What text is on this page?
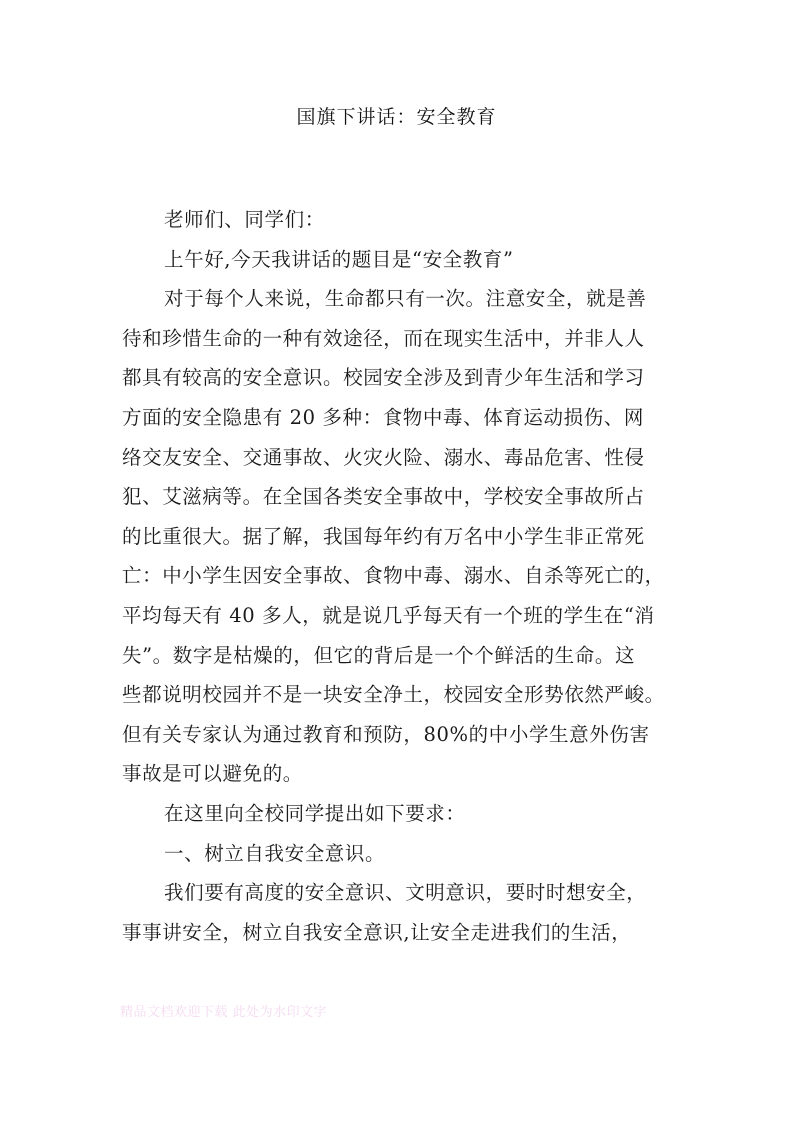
国旗下讲话：安全教育
老师们、同学们：
上午好,今天我讲话的题目是“安全教育”
对于每个人来说，生命都只有一次。注意安全，就是善
待和珍惜生命的一种有效途径，而在现实生活中，并非人人
都具有较高的安全意识。校园安全涉及到青少年生活和学习
方面的安全隐患有 20 多种：食物中毒、体育运动损伤、网
络交友安全、交通事故、火灾火险、溺水、毒品危害、性侵
犯、艾滋病等。在全国各类安全事故中，学校安全事故所占
的比重很大。据了解，我国每年约有万名中小学生非正常死
亡：中小学生因安全事故、食物中毒、溺水、自杀等死亡的，
平均每天有 40 多人，就是说几乎每天有一个班的学生在“消
失”。数字是枯燥的，但它的背后是一个个鲜活的生命。这
些都说明校园并不是一块安全净土，校园安全形势依然严峻。
但有关专家认为通过教育和预防，80%的中小学生意外伤害
事故是可以避免的。
在这里向全校同学提出如下要求：
一、树立自我安全意识。
我们要有高度的安全意识、文明意识，要时时想安全，
事事讲安全，树立自我安全意识,让安全走进我们的生活，
精品文档欢迎下载 此处为水印文字
